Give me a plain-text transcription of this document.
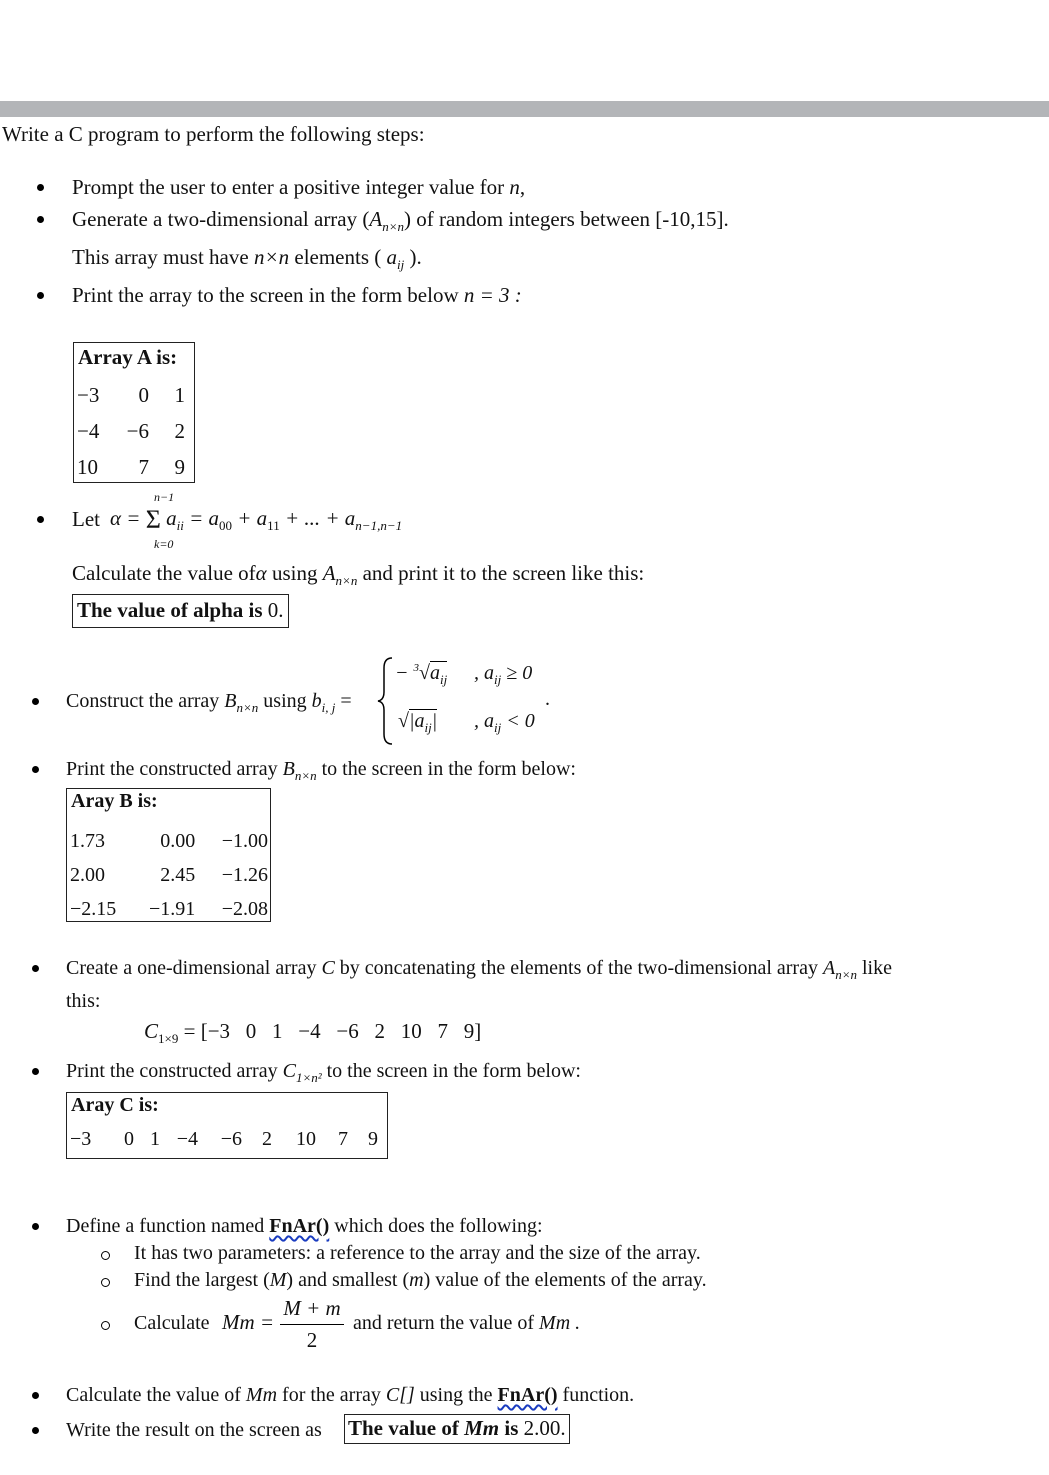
Write a C program to perform the following steps:
Prompt the user to enter a positive integer value for n,
Generate a two-dimensional array $(A_{n\times n})$ of random integers between [-10,15].
This array must have n×n elements ( $a_{ij}$ ).
Print the array to the screen in the form below n = 3 :
Array A is:
−3	0	1
−4	−6	2
10	7	9
Let
n−1
k=0
α = Σ $a_{ii} = a_{00} + a_{11}$ + ... + $a_{n-1,n-1}$
Calculate the value ofα using $A_{n\times n}$ and print it to the screen like this:
The value of alpha is 0.
Construct the array $B_{n\times n}$ using $b_{i, j}$ =
− $^3√a_{ij}$ , $a_{ij} \ge 0$
$√|a_{ij}|$ , $a_{ij} < 0$
.
Print the constructed array $B_{n\times n}$ to the screen in the form below:
Aray B is:
1.73	0.00	−1.00
2.00	2.45	−1.26
−2.15	−1.91	−2.08
Create a one-dimensional array C by concatenating the elements of the two-dimensional array $A_{n\times n}$ like
this:
$C_{1\times 9} = [-3$   0   1   −4   −6   2   10   7   9]
Print the constructed array $C_{1\times n^2}$ to the screen in the form below:
Aray C is:
−3 0 1 −4 −6 2 10 7 9
Define a function named FnAr() which does the following:
It has two parameters: a reference to the array and the size of the array.
Find the largest (M) and smallest (m) value of the elements of the array.
Calculate Mm =
M + m
2
and return the value of Mm .
Calculate the value of Mm for the array C[] using the FnAr() function.
Write the result on the screen as The value of Mm is 2.00.
